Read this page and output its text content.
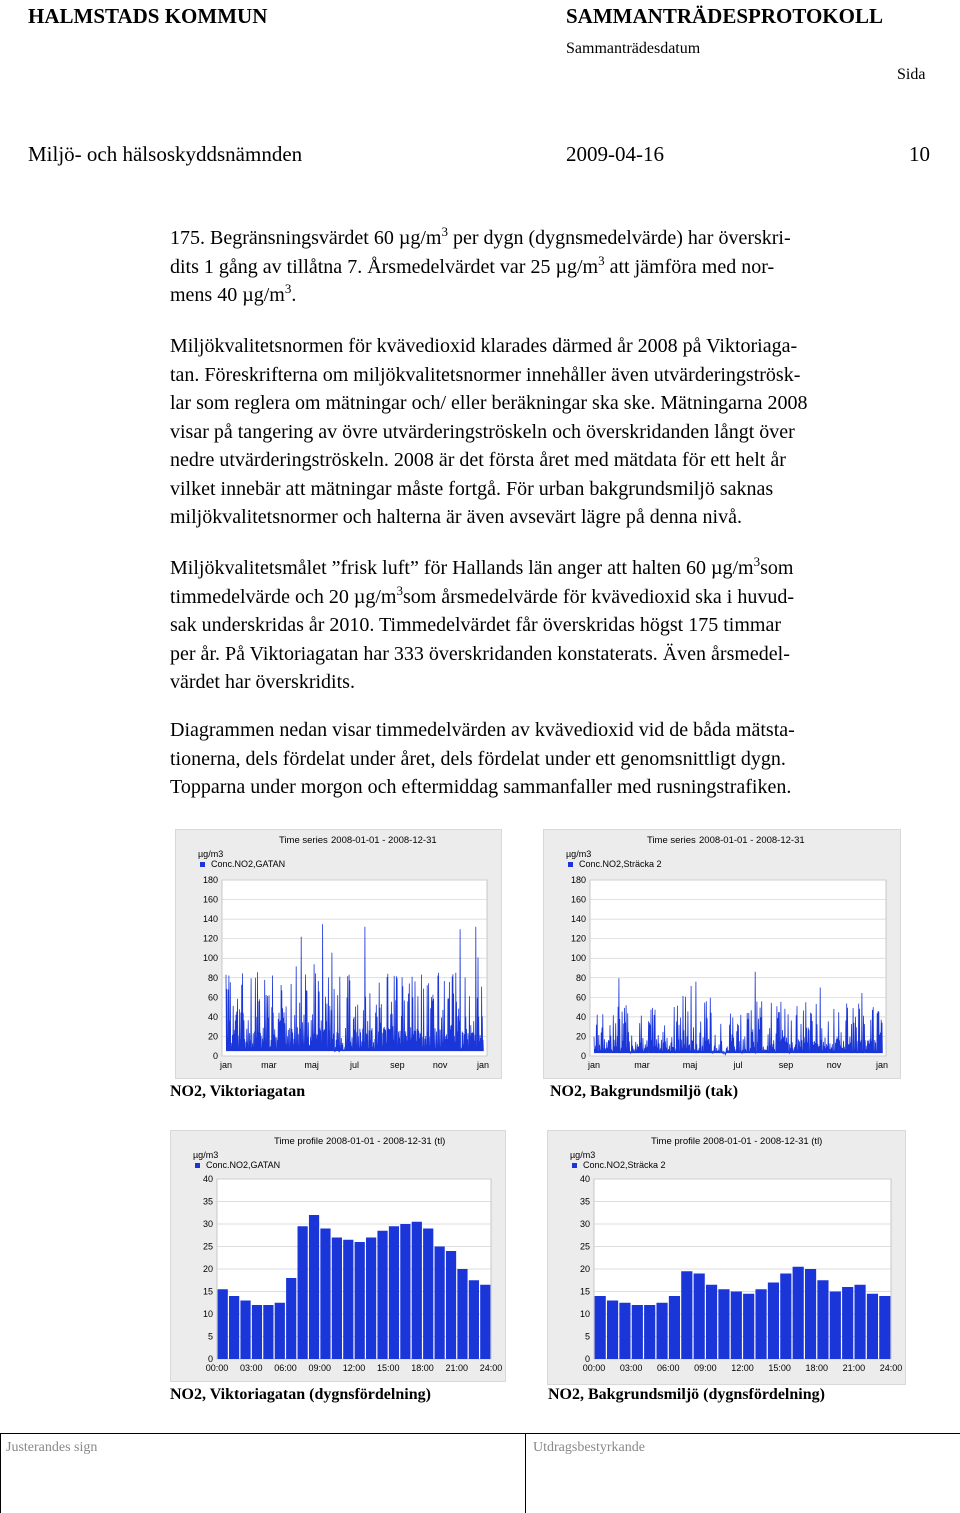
HALMSTADS KOMMUN	SAMMANTRÄDESPROTOKOLL
Sammanträdesdatum
Sida
Miljö- och hälsoskyddsnämnden	2009-04-16	10

175. Begränsningsvärdet 60 $\mu g/m^3$ per dygn (dygnsmedelvärde) har överskri-

dits 1 gång av tillåtna 7. Årsmedelvärdet var 25 $\mu g/m^3$ att jämföra med nor-

mens 40 $\mu g/m^3$.

Miljökvalitetsnormen för kvävedioxid klarades därmed år 2008 på Viktoriaga-

tan. Föreskrifterna om miljökvalitetsnormer innehåller även utvärderingströsk-

lar som reglera om mätningar och/ eller beräkningar ska ske. Mätningarna 2008

visar på tangering av övre utvärderingströskeln och överskridanden långt över

nedre utvärderingströskeln. 2008 är det första året med mätdata för ett helt år

vilket innebär att mätningar måste fortgå. För urban bakgrundsmiljö saknas

miljökvalitetsnormer och halterna är även avsevärt lägre på denna nivå.

Miljökvalitetsmålet ”frisk luft” för Hallands län anger att halten 60 $\mu g/m^3som$

timmedelvärde och 20 $\mu g/m^3som$ årsmedelvärde för kvävedioxid ska i huvud-

sak underskridas år 2010. Timmedelvärdet får överskridas högst 175 timmar

per år. På Viktoriagatan har 333 överskridanden konstaterats. Även årsmedel-

värdet har överskridits.

Diagrammen nedan visar timmedelvärden av kvävedioxid vid de båda mätsta-

tionerna, dels fördelat under året, dels fördelat under ett genomsnittligt dygn.

Topparna under morgon och eftermiddag sammanfaller med rusningstrafiken.

Time series 2008-01-01 - 2008-12-31
µg/m3
Conc.NO2,GATAN
0
20
40
60
80
100
120
140
160
180
jan	mar	maj	jul	sep	nov	jan
Time series 2008-01-01 - 2008-12-31
µg/m3
Conc.NO2,Sträcka 2
0
20
40
60
80
100
120
140
160
180
jan	mar	maj	jul	sep	nov	jan
NO2, Viktoriagatan	NO2, Bakgrundsmiljö (tak)
Time profile 2008-01-01 - 2008-12-31 (tl)
µg/m3
Conc.NO2,GATAN
0
5
10
15
20
25
30
35
40
00:00 03:00 06:00 09:00 12:00 15:00 18:00 21:00 24:00
Time profile 2008-01-01 - 2008-12-31 (tl)
µg/m3
Conc.NO2,Sträcka 2
0
5
10
15
20
25
30
35
40
00:00 03:00 06:00 09:00 12:00 15:00 18:00 21:00 24:00
NO2, Viktoriagatan (dygnsfördelning)	NO2, Bakgrundsmiljö (dygnsfördelning)
Justerandes sign	Utdragsbestyrkande
